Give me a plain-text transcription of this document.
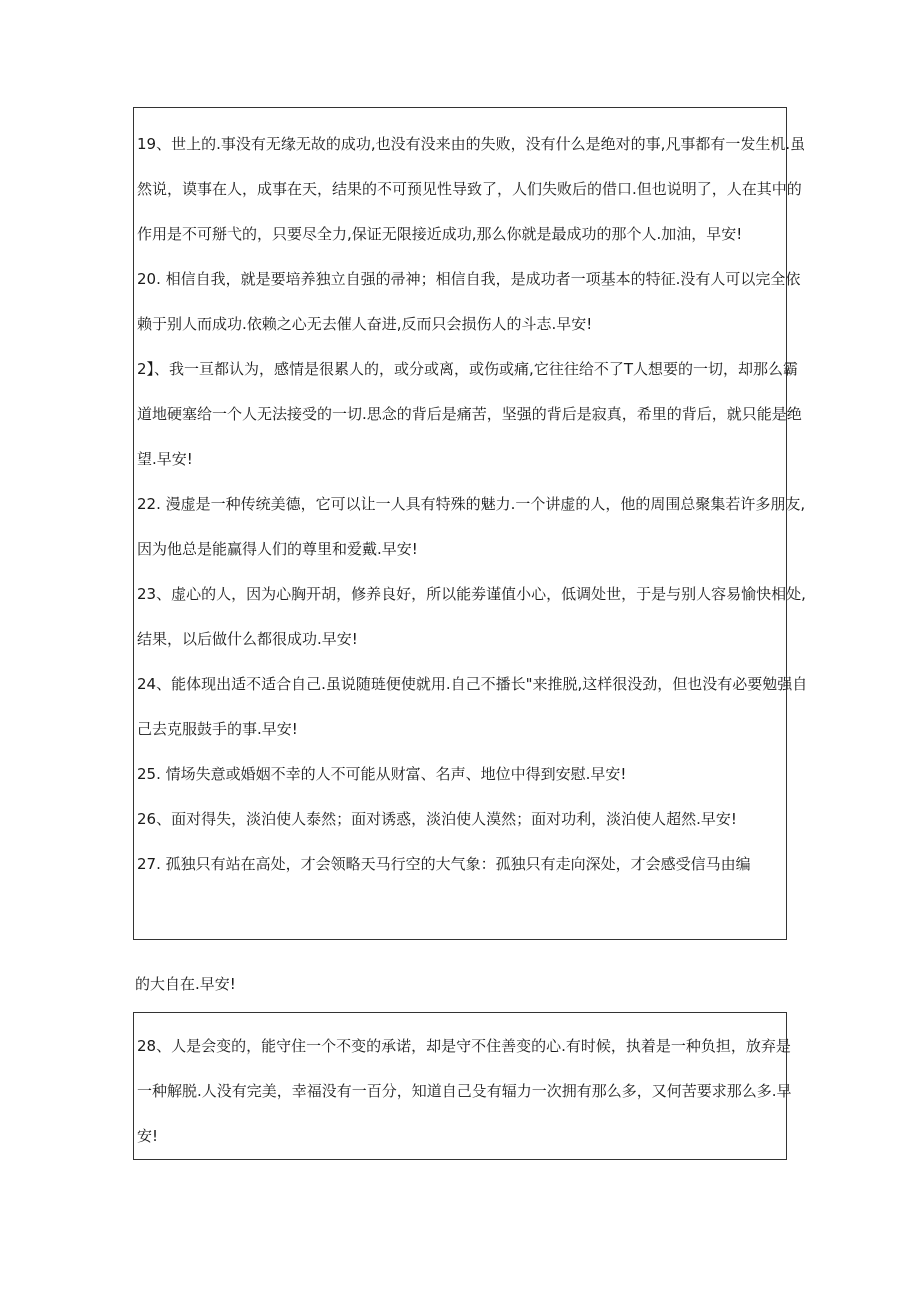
19、世上的.事没有无缘无故的成功,也没有没来由的失败，没有什么是绝对的事,凡事都有一发生机.虽

然说，谟事在人，成事在天，结果的不可预见性导致了，人们失败后的借口.但也说明了，人在其中的

作用是不可掰弋的，只要尽全力,保证无限接近成功,那么你就是最成功的那个人.加油，早安!

20. 相信自我，就是要培养独立自强的帚神；相信自我，是成功者一项基本的特征.没有人可以完全依

赖于别人而成功.依赖之心无去催人奋进,反而只会损伤人的斗志.早安!

2】、我一亘都认为，感情是很累人的，或分或离，或伤或痛,它往往给不了T人想要的一切，却那么霸

道地硬塞给一个人无法接受的一切.思念的背后是痛苦，坚强的背后是寂真，希里的背后，就只能是绝

望.早安!

22. 漫虚是一种传统美德，它可以让一人具有特殊的魅力.一个讲虚的人，他的周围总聚集若许多朋友,

因为他总是能赢得人们的尊里和爱戴.早安!

23、虚心的人，因为心胸开胡，修养良好，所以能劵谨值小心，低调处世，于是与别人容易愉快相处,

结果，以后做什么都很成功.早安!

24、能体现出适不适合自己.虽说随琏便使就用.自己不播长"来推脱,这样很没劲，但也没有必要勉强自

己去克服鼓手的事.早安!

25. 情场失意或婚姻不幸的人不可能从财富、名声、地位中得到安慰.早安!

26、面对得失，淡泊使人泰然；面对诱惑，淡泊使人漠然；面对功利，淡泊使人超然.早安!

27. 孤独只有站在高处，才会领略天马行空的大气象：孤独只有走向深处，才会感受信马由编

的大自在.早安!

28、人是会变的，能守住一个不变的承诺，却是守不住善变的心.有时候，执着是一种负担，放弃是

一种解脱.人没有完美，幸福没有一百分，知道自己殳有辐力一次拥有那么多，又何苦要求那么多.早

安!
